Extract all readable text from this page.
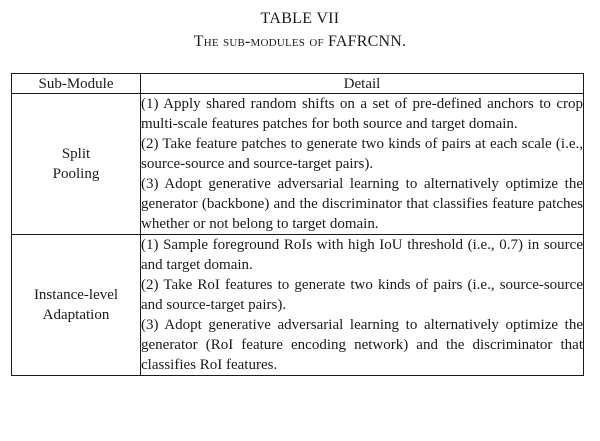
TABLE VII
The sub-modules of FAFRCNN.
Sub-Module	Detail

Split
Pooling	(1) Apply shared random shifts on a set of pre-defined anchors to crop multi-scale features patches for both source and target domain.
(2) Take feature patches to generate two kinds of pairs at each scale (i.e., source-source and source-target pairs).
(3) Adopt generative adversarial learning to alternatively optimize the generator (backbone) and the discriminator that classifies feature patches whether or not belong to target domain.

Instance-level
Adaptation	(1) Sample foreground RoIs with high IoU threshold (i.e., 0.7) in source and target domain.
(2) Take RoI features to generate two kinds of pairs (i.e., source-source and source-target pairs).
(3) Adopt generative adversarial learning to alternatively optimize the generator (RoI feature encoding network) and the discriminator that classifies RoI features.
